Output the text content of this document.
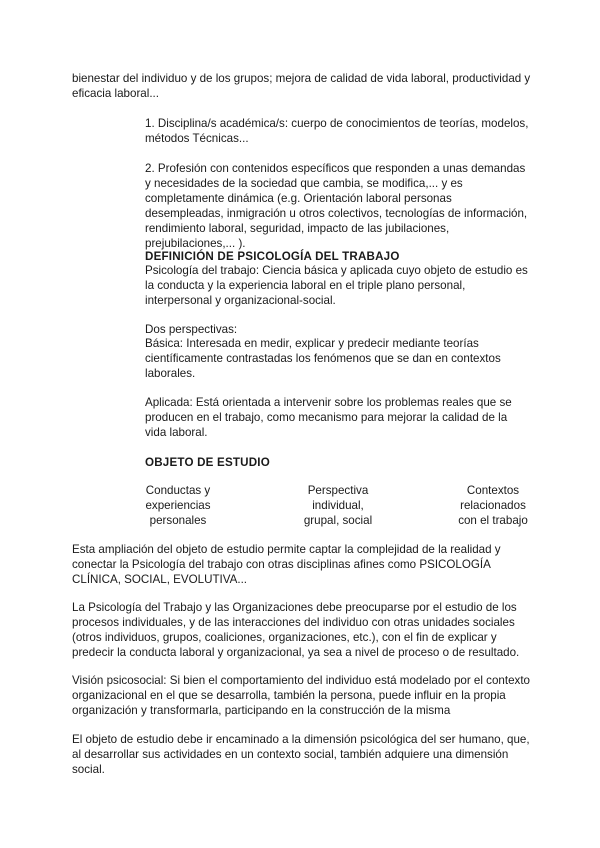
bienestar del individuo y de los grupos; mejora de calidad de vida laboral, productividad y eficacia laboral...

1. Disciplina/s académica/s: cuerpo de conocimientos de teorías, modelos, métodos Técnicas...

2. Profesión con contenidos específicos que responden a unas demandas y necesidades de la sociedad que cambia, se modifica,... y es completamente dinámica (e.g. Orientación laboral personas desempleadas, inmigración u otros colectivos, tecnologías de información, rendimiento laboral, seguridad, impacto de las jubilaciones, prejubilaciones,... ).

DEFINICIÓN DE PSICOLOGÍA DEL TRABAJO

Psicología del trabajo: Ciencia básica y aplicada cuyo objeto de estudio es la conducta y la experiencia laboral en el triple plano personal, interpersonal y organizacional-social.

Dos perspectivas:

Básica: Interesada en medir, explicar y predecir mediante teorías científicamente contrastadas los fenómenos que se dan en contextos laborales.

Aplicada: Está orientada a intervenir sobre los problemas reales que se producen en el trabajo, como mecanismo para mejorar la calidad de la vida laboral.

OBJETO DE ESTUDIO

Conductas y
experiencias
personales
Perspectiva
individual,
grupal, social
Contextos
relacionados
con el trabajo

Esta ampliación del objeto de estudio permite captar la complejidad de la realidad y conectar la Psicología del trabajo con otras disciplinas afines como PSICOLOGÍA CLÍNICA, SOCIAL, EVOLUTIVA...

La Psicología del Trabajo y las Organizaciones debe preocuparse por el estudio de los procesos individuales, y de las interacciones del individuo con otras unidades sociales (otros individuos, grupos, coaliciones, organizaciones, etc.), con el fin de explicar y predecir la conducta laboral y organizacional, ya sea a nivel de proceso o de resultado.

Visión psicosocial: Si bien el comportamiento del individuo está modelado por el contexto organizacional en el que se desarrolla, también la persona, puede influir en la propia organización y transformarla, participando en la construcción de la misma

El objeto de estudio debe ir encaminado a la dimensión psicológica del ser humano, que, al desarrollar sus actividades en un contexto social, también adquiere una dimensión social.
